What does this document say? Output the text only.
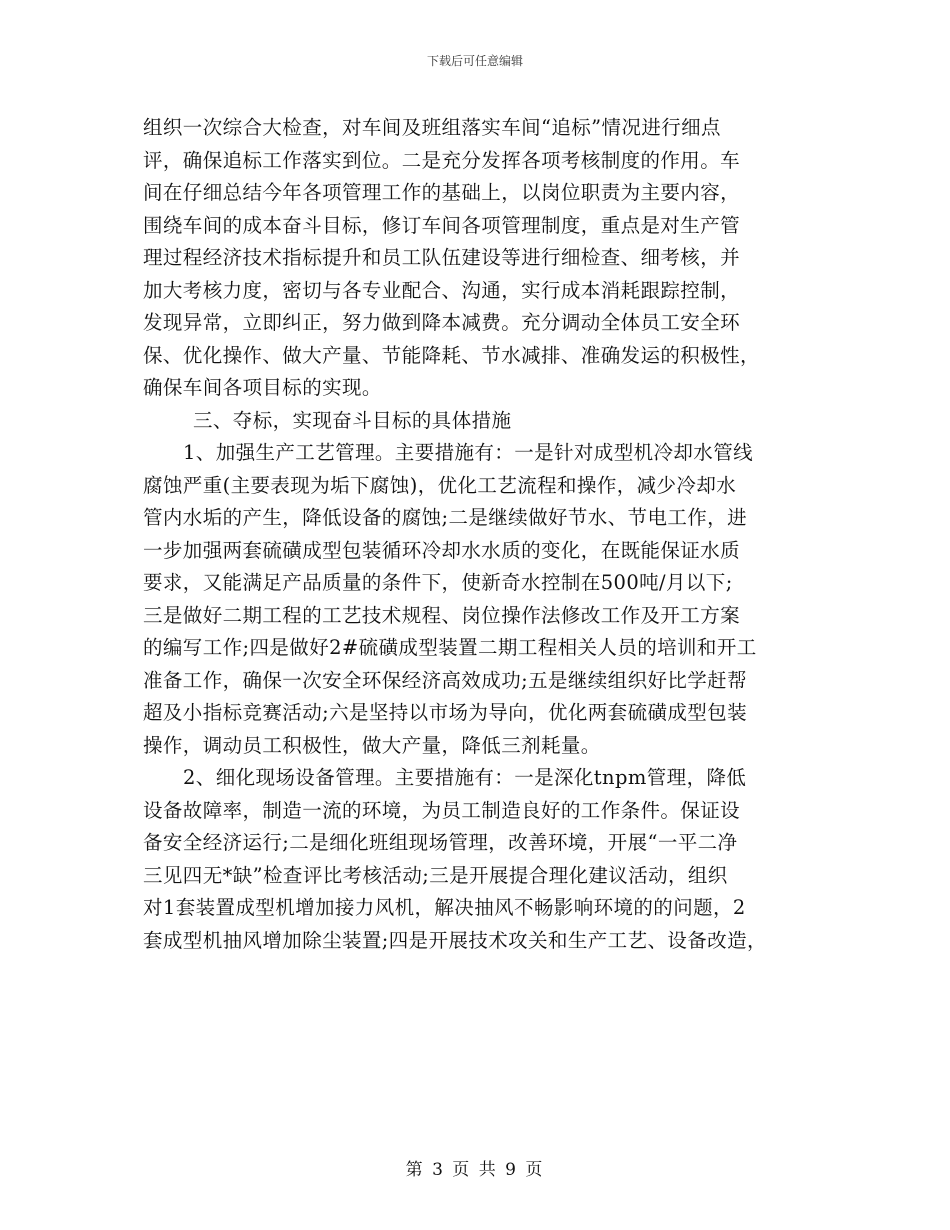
下载后可任意编辑
组织一次综合大检查，对车间及班组落实车间“追标”情况进行细点
评，确保追标工作落实到位。二是充分发挥各项考核制度的作用。车
间在仔细总结今年各项管理工作的基础上，以岗位职责为主要内容，
围绕车间的成本奋斗目标，修订车间各项管理制度，重点是对生产管
理过程经济技术指标提升和员工队伍建设等进行细检查、细考核，并
加大考核力度，密切与各专业配合、沟通，实行成本消耗跟踪控制，
发现异常，立即纠正，努力做到降本减费。充分调动全体员工安全环
保、优化操作、做大产量、节能降耗、节水减排、准确发运的积极性，
确保车间各项目标的实现。
三、夺标，实现奋斗目标的具体措施
1、加强生产工艺管理。主要措施有：一是针对成型机冷却水管线
腐蚀严重(主要表现为垢下腐蚀)，优化工艺流程和操作，减少冷却水
管内水垢的产生，降低设备的腐蚀;二是继续做好节水、节电工作，进
一步加强两套硫磺成型包装循环冷却水水质的变化，在既能保证水质
要求，又能满足产品质量的条件下，使新奇水控制在500吨/月以下;
三是做好二期工程的工艺技术规程、岗位操作法修改工作及开工方案
的编写工作;四是做好2#硫磺成型装置二期工程相关人员的培训和开工
准备工作，确保一次安全环保经济高效成功;五是继续组织好比学赶帮
超及小指标竞赛活动;六是坚持以市场为导向，优化两套硫磺成型包装
操作，调动员工积极性，做大产量，降低三剂耗量。
2、细化现场设备管理。主要措施有：一是深化tnpm管理，降低
设备故障率，制造一流的环境，为员工制造良好的工作条件。保证设
备安全经济运行;二是细化班组现场管理，改善环境，开展“一平二净
三见四无*缺”检查评比考核活动;三是开展提合理化建议活动，组织
对1套装置成型机增加接力风机，解决抽风不畅影响环境的的问题，2
套成型机抽风增加除尘装置;四是开展技术攻关和生产工艺、设备改造，
第 3 页 共 9 页
